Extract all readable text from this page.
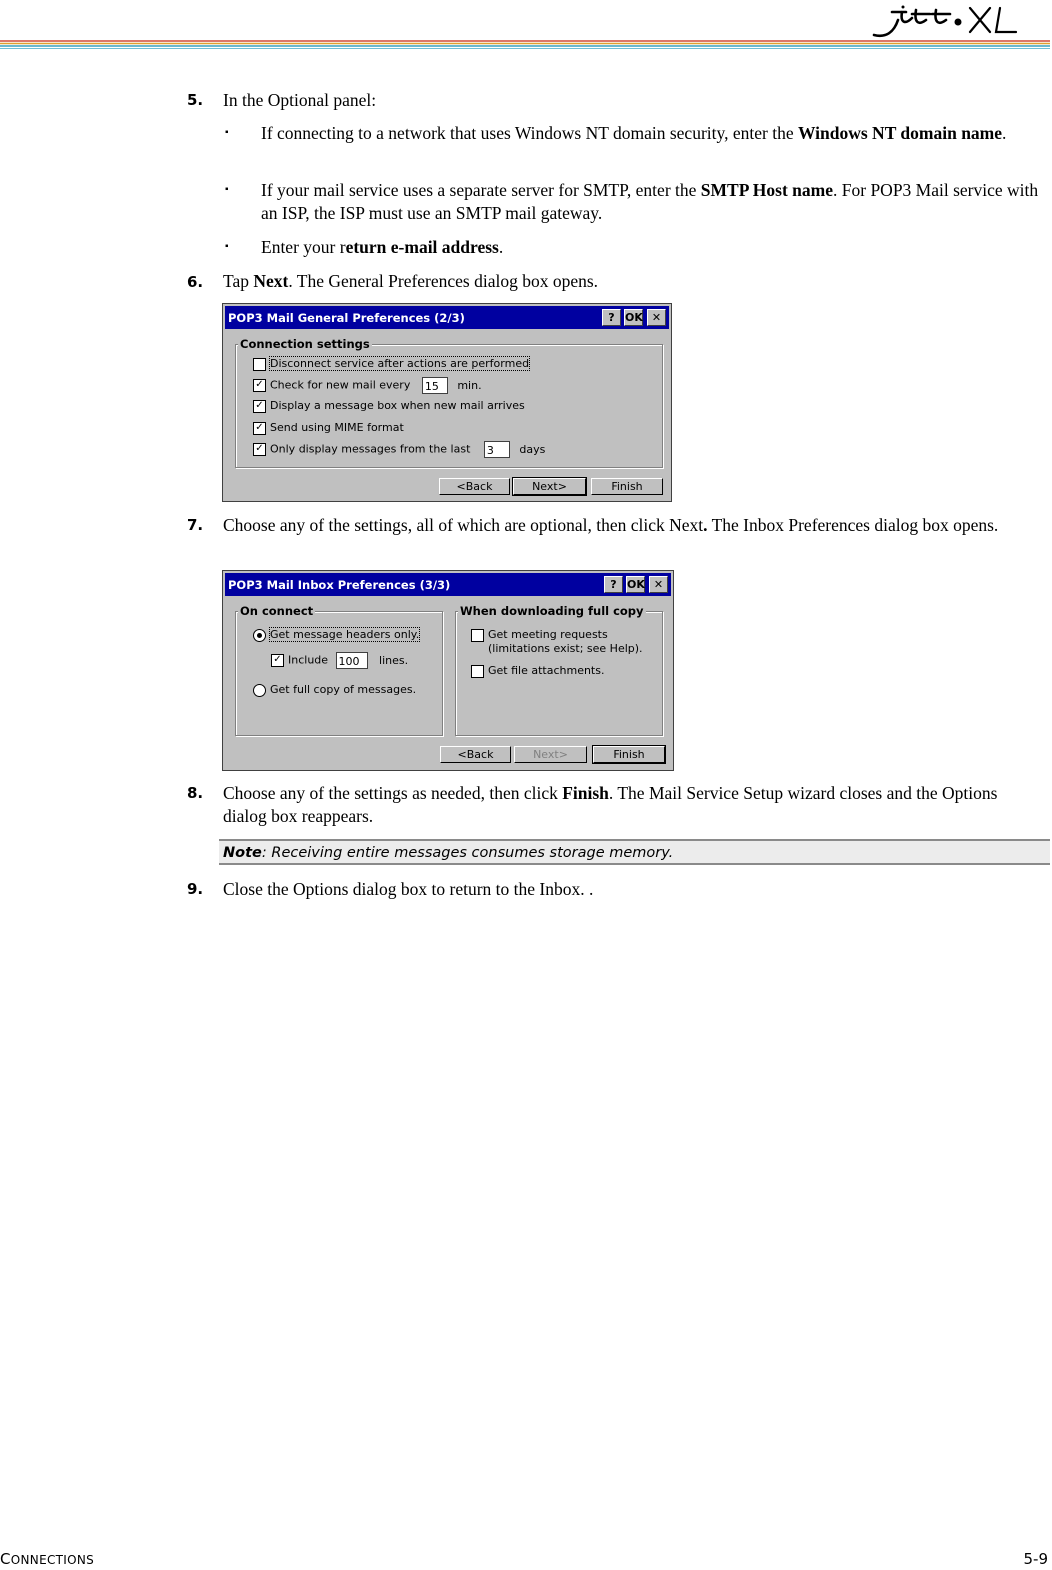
5. In the Optional panel:
▪ If connecting to a network that uses Windows NT domain security, enter the Windows NT domain name.
▪ If your mail service uses a separate server for SMTP, enter the SMTP Host name. For POP3 Mail service with an ISP, the ISP must use an SMTP mail gateway.
▪ Enter your return e-mail address.
6. Tap Next. The General Preferences dialog box opens.
POP3 Mail General Preferences (2/3)	? OK ✕
Connection settings
Disconnect service after actions are performed
✓ Check for new mail every 15 min.
✓ Display a message box when new mail arrives
✓ Send using MIME format
✓ Only display messages from the last 3 days
<Back	Next>	Finish
7. Choose any of the settings, all of which are optional, then click Next. The Inbox Preferences dialog box opens.
POP3 Mail Inbox Preferences (3/3)	? OK ✕
On connect
Get message headers only.
✓ Include 100 lines.
Get full copy of messages.
When downloading full copy
Get meeting requests
(limitations exist; see Help).
Get file attachments.
<Back	Next>	Finish
8. Choose any of the settings as needed, then click Finish. The Mail Service Setup wizard closes and the Options dialog box reappears.
Note: Receiving entire messages consumes storage memory.
9. Close the Options dialog box to return to the Inbox. .
CONNECTIONS	5-9
